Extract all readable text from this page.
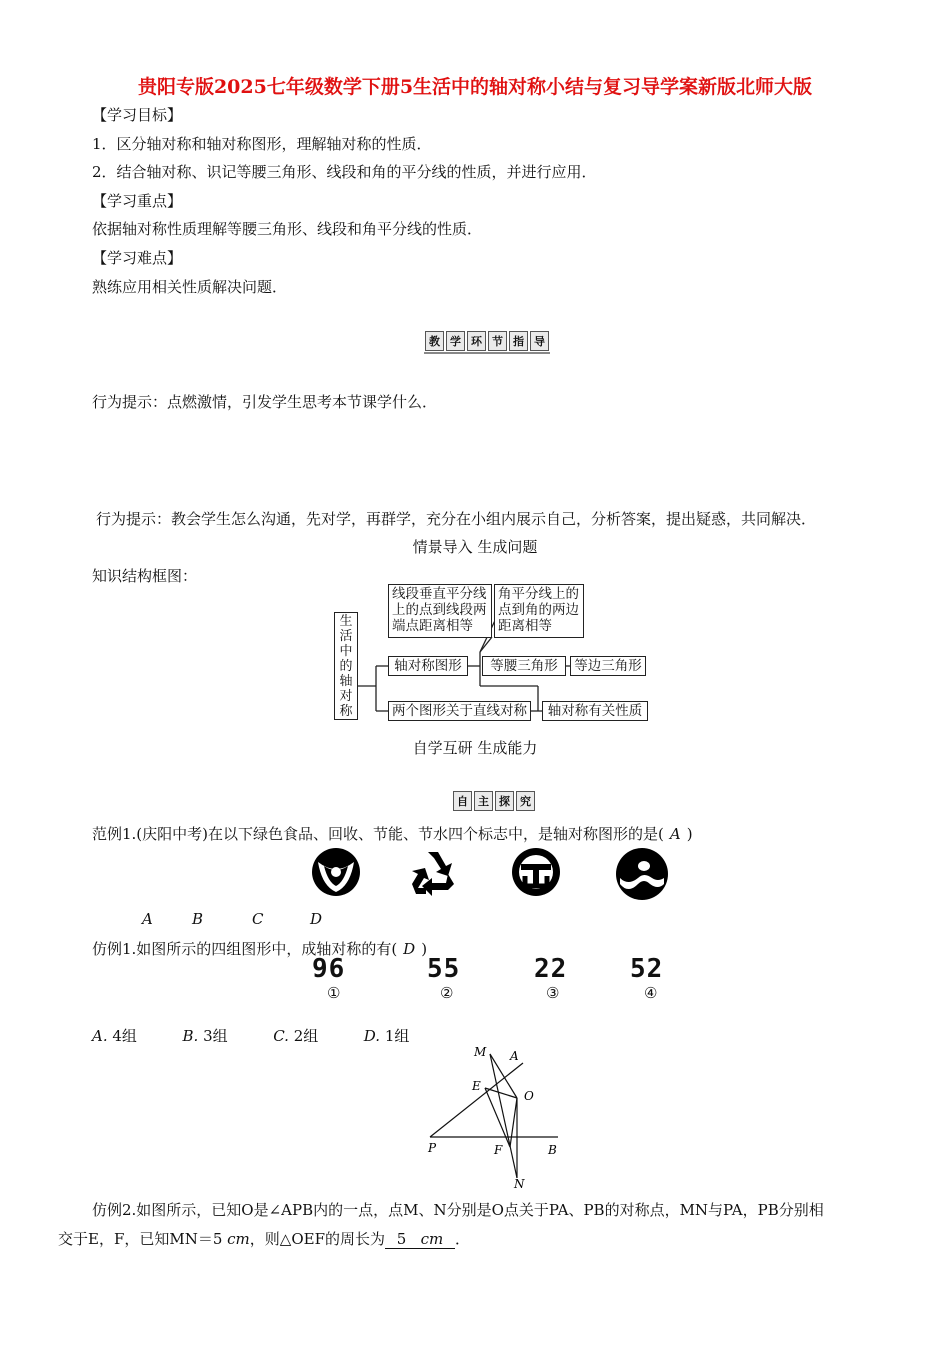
贵阳专版2025七年级数学下册5生活中的轴对称小结与复习导学案新版北师大版
【学习目标】
1．区分轴对称和轴对称图形，理解轴对称的性质．
2．结合轴对称、识记等腰三角形、线段和角的平分线的性质，并进行应用．
【学习重点】
依据轴对称性质理解等腰三角形、线段和角平分线的性质．
【学习难点】
熟练应用相关性质解决问题．
教 学 环 节 指 导
行为提示：点燃激情，引发学生思考本节课学什么．
行为提示：教会学生怎么沟通，先对学，再群学，充分在小组内展示自己，分析答案，提出疑惑，共同解决．
情景导入 生成问题
知识结构框图：
生活中的轴对称
线段垂直平分线上的点到线段两端点距离相等
角平分线上的点到角的两边距离相等
轴对称图形	等腰三角形	等边三角形
两个图形关于直线对称	轴对称有关性质
自学互研 生成能力
自 主 探 究
范例1.(庆阳中考)在以下绿色食品、回收、节能、节水四个标志中，是轴对称图形的是( A )
A	B	C	D
仿例1.如图所示的四组图形中，成轴对称的有( D )
96	55	22 52
①	②	③	④
A. 4组	B. 3组	C. 2组	D. 1组
M A
E
O
P	F	B
N
仿例2.如图所示，已知O是∠APB内的一点，点M、N分别是O点关于PA、PB的对称点，MN与PA，PB分别相
交于E，F，已知MN＝5 cm，则△OEF的周长为 5 cm ．
